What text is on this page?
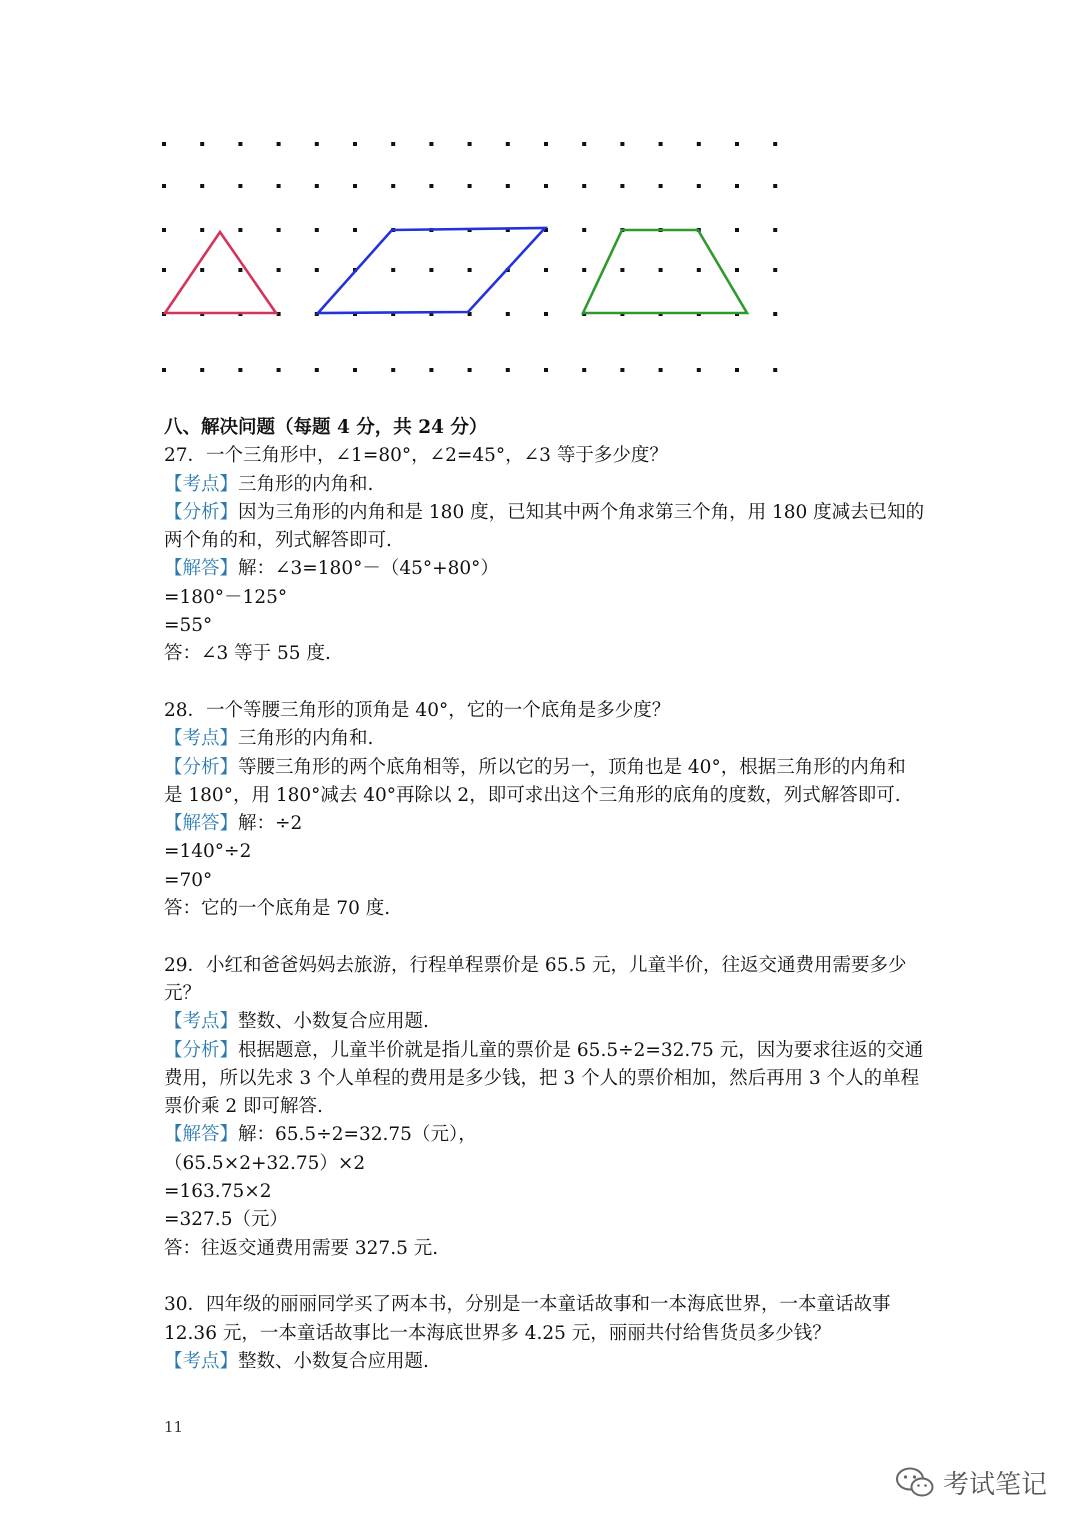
八、解决问题（每题 4 分，共 24 分）
27．一个三角形中，∠1=80°，∠2=45°，∠3 等于多少度？
【考点】三角形的内角和.
【分析】因为三角形的内角和是 180 度，已知其中两个角求第三个角，用 180 度减去已知的
两个角的和，列式解答即可.
【解答】解：∠3=180°－（45°+80°）
=180°－125°
=55°
答：∠3 等于 55 度.
28．一个等腰三角形的顶角是 40°，它的一个底角是多少度？
【考点】三角形的内角和.
【分析】等腰三角形的两个底角相等，所以它的另一，顶角也是 40°，根据三角形的内角和
是 180°，用 180°减去 40°再除以 2，即可求出这个三角形的底角的度数，列式解答即可.
【解答】解：÷2
=140°÷2
=70°
答：它的一个底角是 70 度.
29．小红和爸爸妈妈去旅游，行程单程票价是 65.5 元，儿童半价，往返交通费用需要多少
元？
【考点】整数、小数复合应用题.
【分析】根据题意，儿童半价就是指儿童的票价是 65.5÷2=32.75 元，因为要求往返的交通
费用，所以先求 3 个人单程的费用是多少钱，把 3 个人的票价相加，然后再用 3 个人的单程
票价乘 2 即可解答.
【解答】解：65.5÷2=32.75（元），
（65.5×2+32.75）×2
=163.75×2
=327.5（元）
答：往返交通费用需要 327.5 元.
30．四年级的丽丽同学买了两本书，分别是一本童话故事和一本海底世界，一本童话故事
12.36 元，一本童话故事比一本海底世界多 4.25 元，丽丽共付给售货员多少钱？
【考点】整数、小数复合应用题.
11
考试笔记
